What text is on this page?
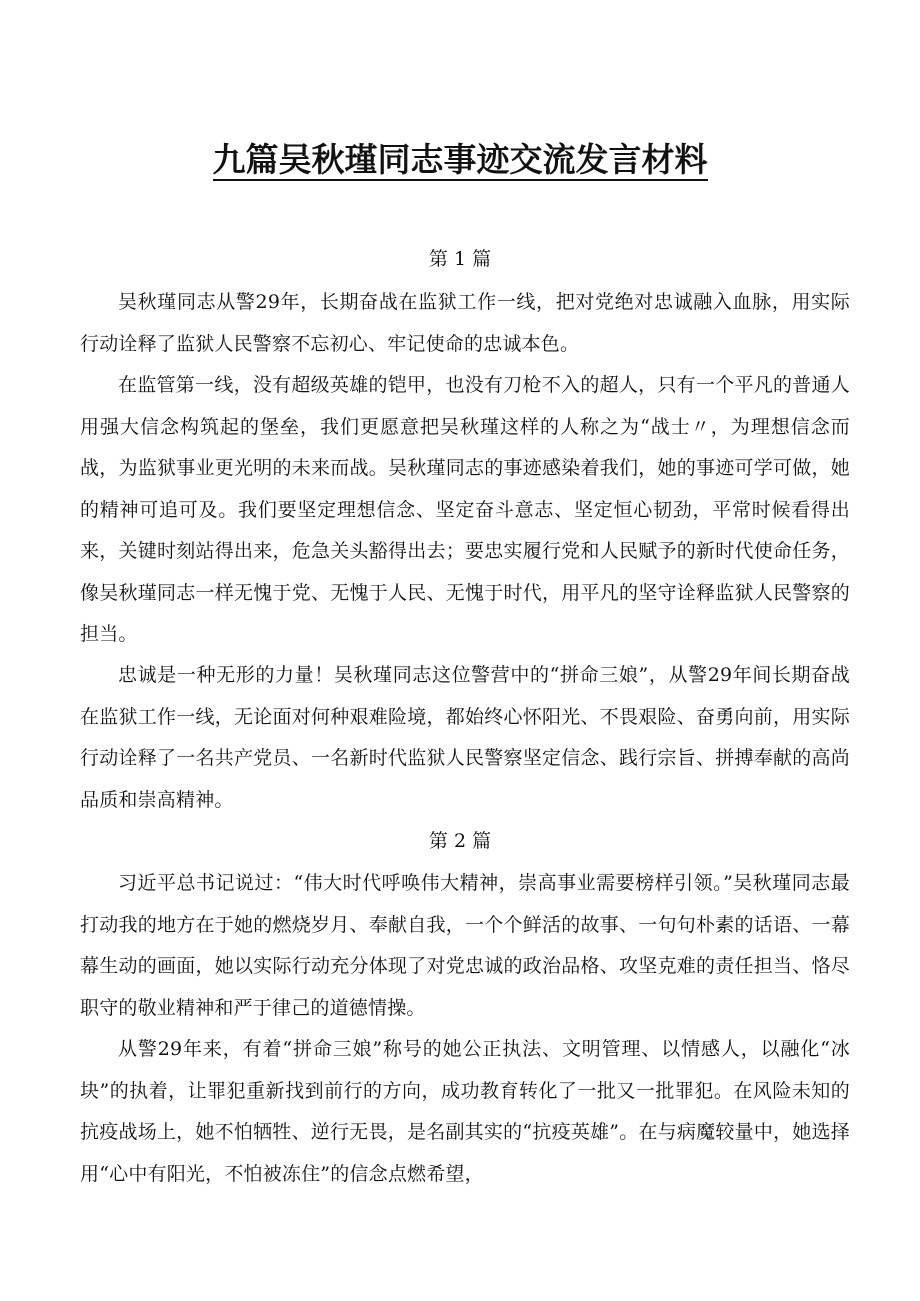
九篇吴秋瑾同志事迹交流发言材料
第 1 篇

吴秋瑾同志从警29年，长期奋战在监狱工作一线，把对党绝对忠诚融入血脉，用实际行动诠释了监狱人民警察不忘初心、牢记使命的忠诚本色。

在监管第一线，没有超级英雄的铠甲，也没有刀枪不入的超人，只有一个平凡的普通人用强大信念构筑起的堡垒，我们更愿意把吴秋瑾这样的人称之为“战士〃，为理想信念而战，为监狱事业更光明的未来而战。吴秋瑾同志的事迹感染着我们，她的事迹可学可做，她的精神可追可及。我们要坚定理想信念、坚定奋斗意志、坚定恒心韧劲，平常时候看得出来，关键时刻站得出来，危急关头豁得出去；要忠实履行党和人民赋予的新时代使命任务，像吴秋瑾同志一样无愧于党、无愧于人民、无愧于时代，用平凡的坚守诠释监狱人民警察的担当。

忠诚是一种无形的力量！吴秋瑾同志这位警营中的“拼命三娘”，从警29年间长期奋战在监狱工作一线，无论面对何种艰难险境，都始终心怀阳光、不畏艰险、奋勇向前，用实际行动诠释了一名共产党员、一名新时代监狱人民警察坚定信念、践行宗旨、拼搏奉献的高尚品质和崇高精神。

第 2 篇

习近平总书记说过：“伟大时代呼唤伟大精神，崇高事业需要榜样引领。”吴秋瑾同志最打动我的地方在于她的燃烧岁月、奉献自我，一个个鲜活的故事、一句句朴素的话语、一幕幕生动的画面，她以实际行动充分体现了对党忠诚的政治品格、攻坚克难的责任担当、恪尽职守的敬业精神和严于律己的道德情操。

从警29年来，有着“拼命三娘”称号的她公正执法、文明管理、以情感人，以融化“冰块”的执着，让罪犯重新找到前行的方向，成功教育转化了一批又一批罪犯。在风险未知的抗疫战场上，她不怕牺牲、逆行无畏，是名副其实的“抗疫英雄”。在与病魔较量中，她选择用“心中有阳光，不怕被冻住”的信念点燃希望，
